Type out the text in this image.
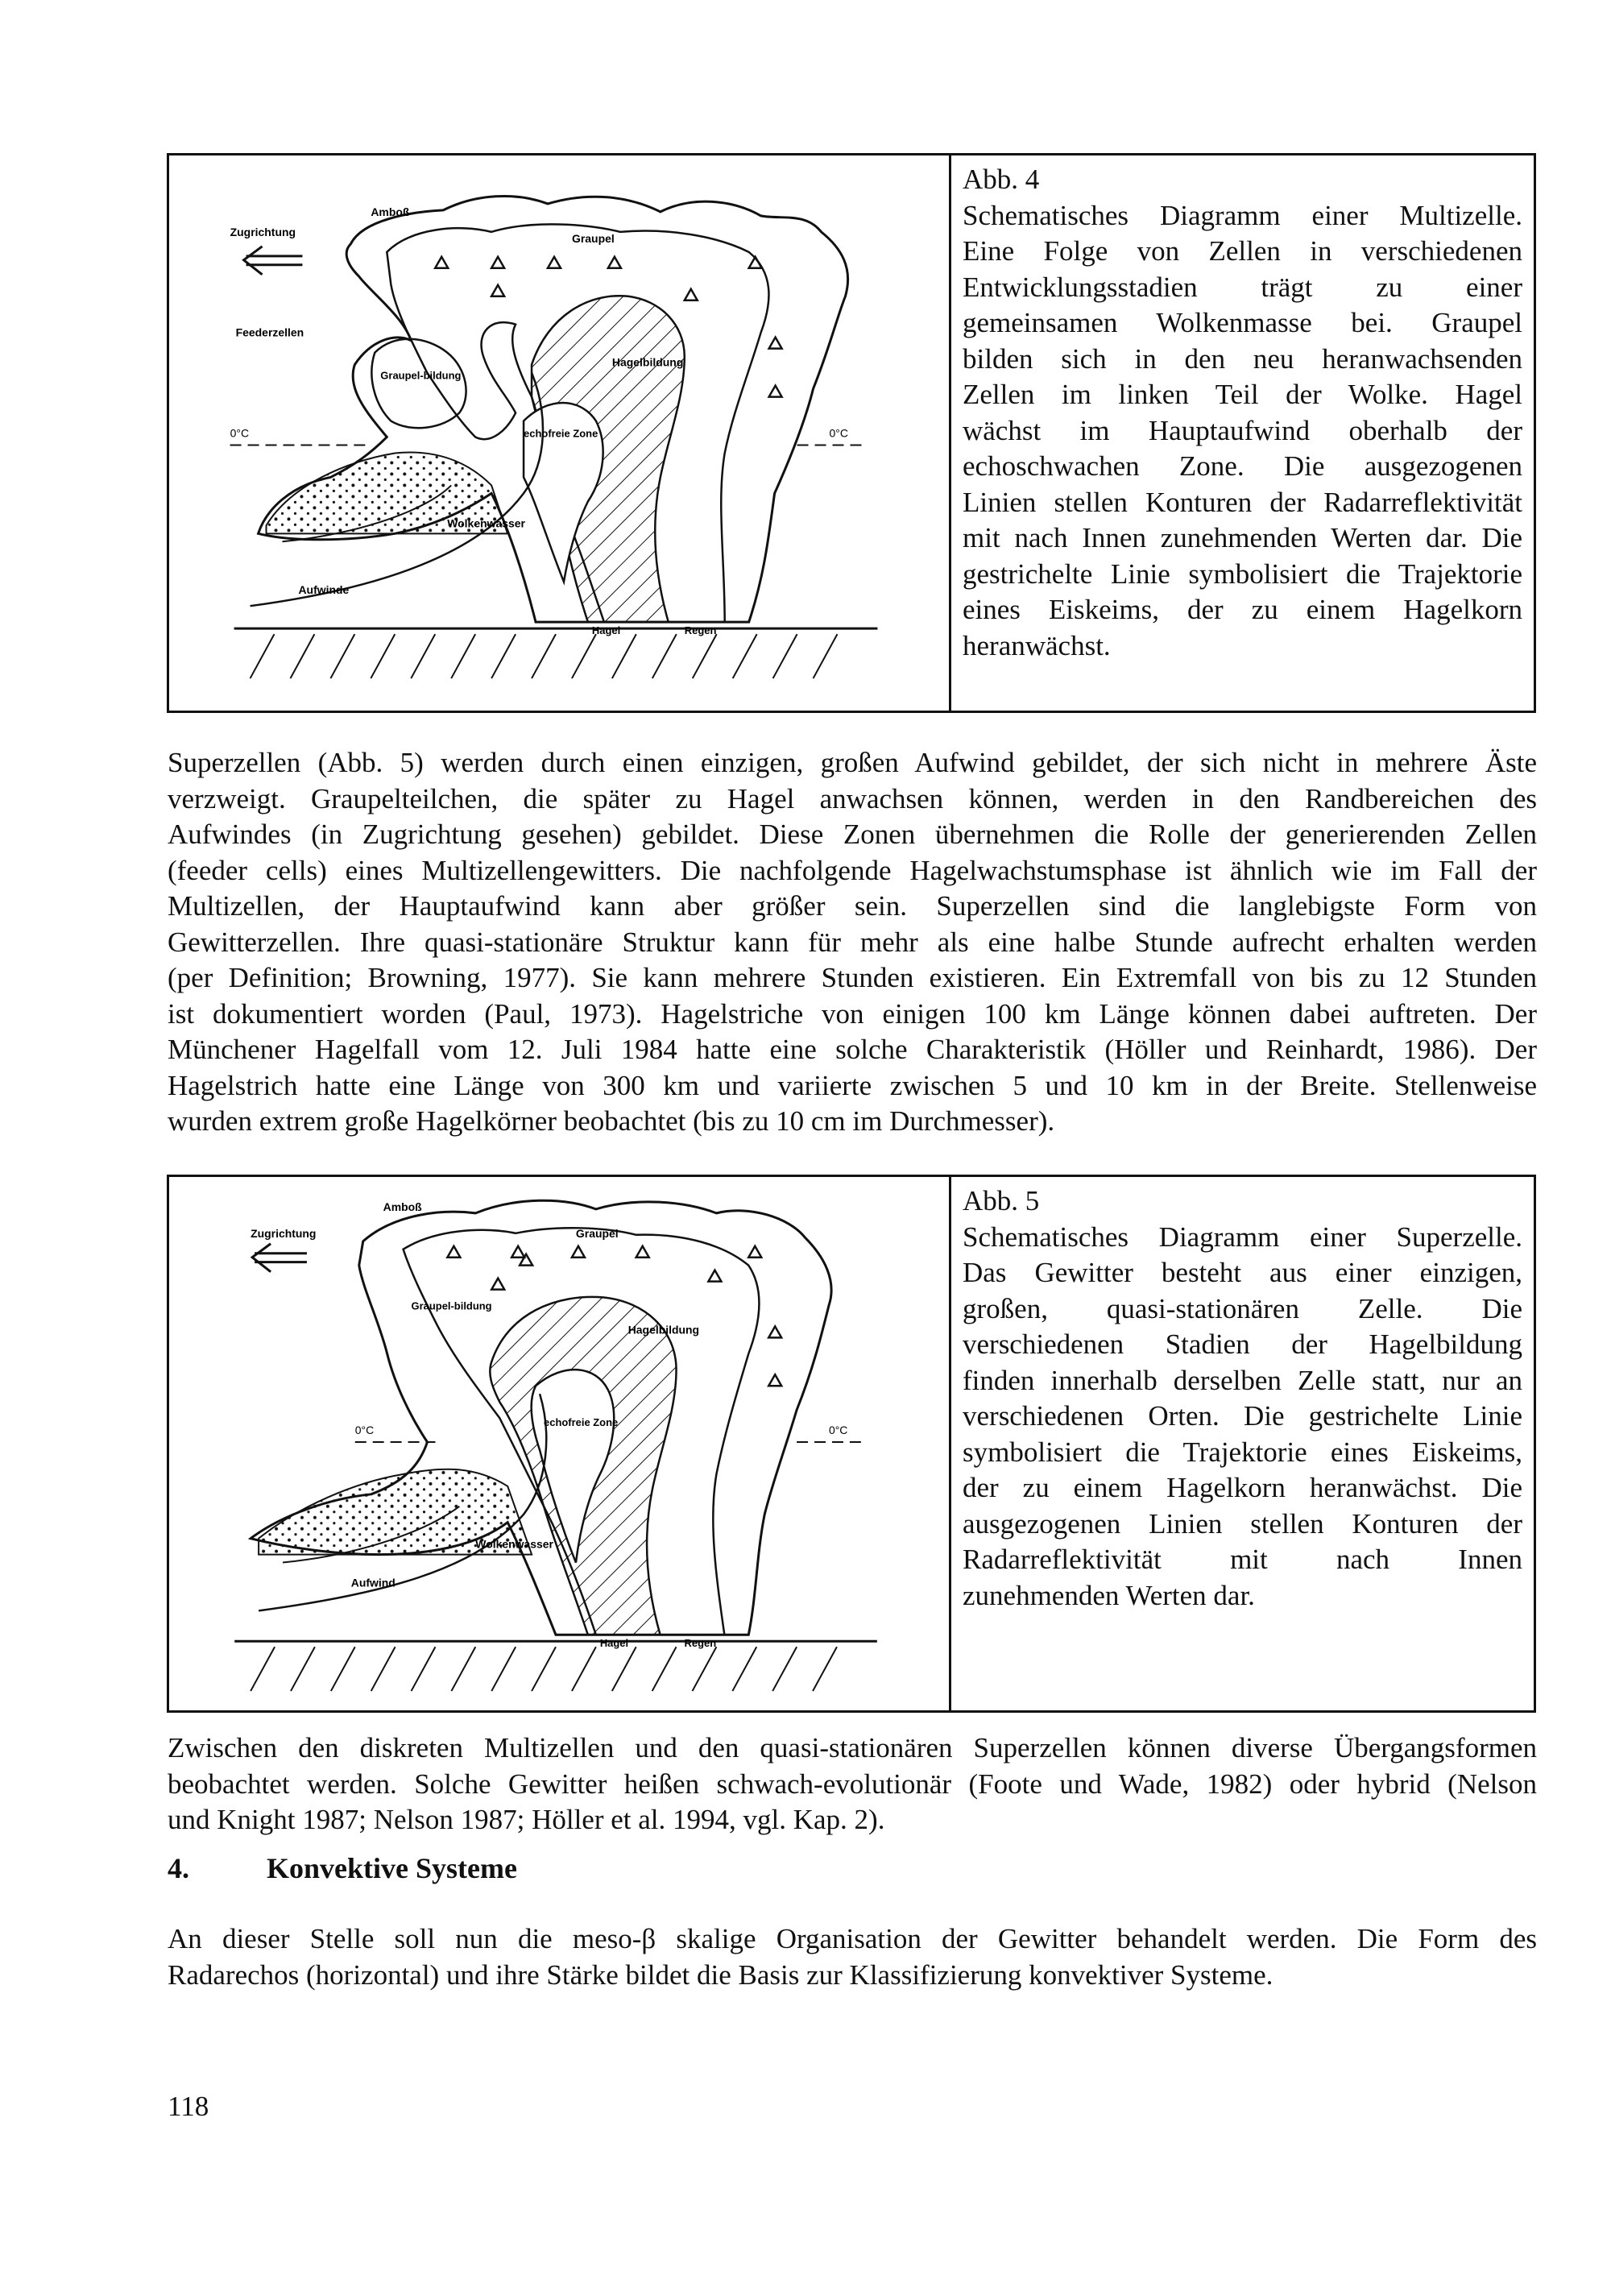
Amboß
Zugrichtung	Graupel
Feederzellen
Graupel-bildung
Hagelbildung
echofreie Zone
0°C	0°C
Wolkenwasser
Aufwinde
Hagel	Regen
Abb. 4
Schematisches Diagramm einer Multizelle.
Eine Folge von Zellen in verschiedenen
Entwicklungsstadien trägt zu einer
gemeinsamen Wolkenmasse bei. Graupel
bilden sich in den neu heranwachsenden
Zellen im linken Teil der Wolke. Hagel
wächst im Hauptaufwind oberhalb der
echoschwachen Zone. Die ausgezogenen
Linien stellen Konturen der Radarreflektivität
mit nach Innen zunehmenden Werten dar. Die
gestrichelte Linie symbolisiert die Trajektorie
eines Eiskeims, der zu einem Hagelkorn
heranwächst.
Superzellen (Abb. 5) werden durch einen einzigen, großen Aufwind gebildet, der sich nicht in mehrere Äste
verzweigt. Graupelteilchen, die später zu Hagel anwachsen können, werden in den Randbereichen des
Aufwindes (in Zugrichtung gesehen) gebildet. Diese Zonen übernehmen die Rolle der generierenden Zellen
(feeder cells) eines Multizellengewitters. Die nachfolgende Hagelwachstumsphase ist ähnlich wie im Fall der
Multizellen, der Hauptaufwind kann aber größer sein. Superzellen sind die langlebigste Form von
Gewitterzellen. Ihre quasi-stationäre Struktur kann für mehr als eine halbe Stunde aufrecht erhalten werden
(per Definition; Browning, 1977). Sie kann mehrere Stunden existieren. Ein Extremfall von bis zu 12 Stunden
ist dokumentiert worden (Paul, 1973). Hagelstriche von einigen 100 km Länge können dabei auftreten. Der
Münchener Hagelfall vom 12. Juli 1984 hatte eine solche Charakteristik (Höller und Reinhardt, 1986). Der
Hagelstrich hatte eine Länge von 300 km und variierte zwischen 5 und 10 km in der Breite. Stellenweise
wurden extrem große Hagelkörner beobachtet (bis zu 10 cm im Durchmesser).
Amboß
Zugrichtung	Graupel
Graupel-bildung
Hagelbildung
echofreie Zone
0°C	0°C
Wolkenwasser
Aufwind
Hagel	Regen
Abb. 5
Schematisches Diagramm einer Superzelle.
Das Gewitter besteht aus einer einzigen,
großen, quasi-stationären Zelle. Die
verschiedenen Stadien der Hagelbildung
finden innerhalb derselben Zelle statt, nur an
verschiedenen Orten. Die gestrichelte Linie
symbolisiert die Trajektorie eines Eiskeims,
der zu einem Hagelkorn heranwächst. Die
ausgezogenen Linien stellen Konturen der
Radarreflektivität mit nach Innen
zunehmenden Werten dar.
Zwischen den diskreten Multizellen und den quasi-stationären Superzellen können diverse Übergangsformen
beobachtet werden. Solche Gewitter heißen schwach-evolutionär (Foote und Wade, 1982) oder hybrid (Nelson
und Knight 1987; Nelson 1987; Höller et al. 1994, vgl. Kap. 2).
4.	Konvektive Systeme
An dieser Stelle soll nun die meso-β skalige Organisation der Gewitter behandelt werden. Die Form des
Radarechos (horizontal) und ihre Stärke bildet die Basis zur Klassifizierung konvektiver Systeme.
118
